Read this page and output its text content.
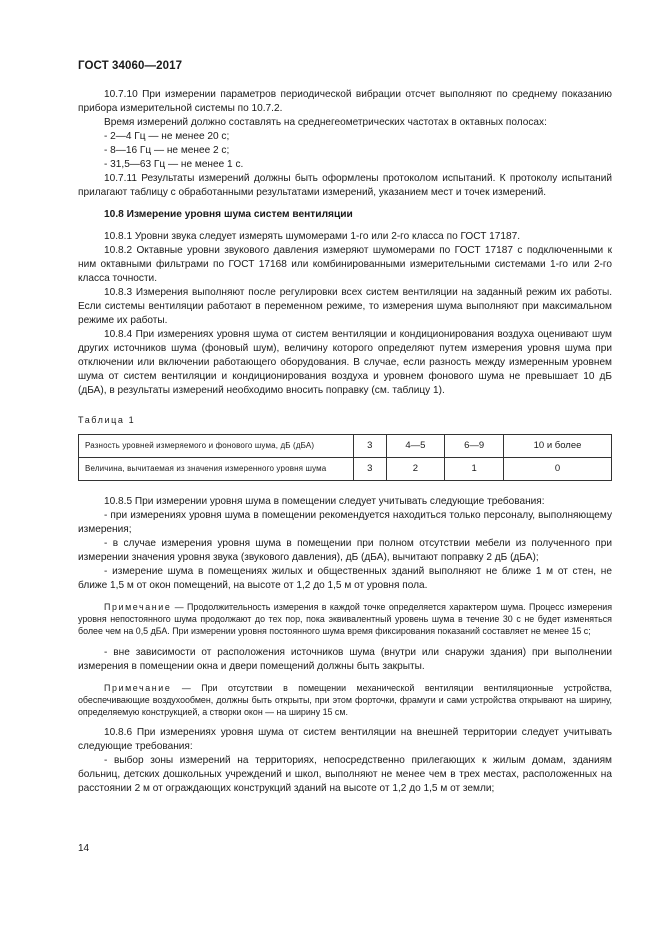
ГОСТ 34060—2017

10.7.10 При измерении параметров периодической вибрации отсчет выполняют по среднему показанию прибора измерительной системы по 10.7.2.

Время измерений должно составлять на среднегеометрических частотах в октавных полосах:

- 2—4 Гц — не менее 20 с;

- 8—16 Гц — не менее 2 с;

- 31,5—63 Гц — не менее 1 с.

10.7.11 Результаты измерений должны быть оформлены протоколом испытаний. К протоколу испытаний прилагают таблицу с обработанными результатами измерений, указанием мест и точек измерений.

10.8 Измерение уровня шума систем вентиляции

10.8.1 Уровни звука следует измерять шумомерами 1-го или 2-го класса по ГОСТ 17187.

10.8.2 Октавные уровни звукового давления измеряют шумомерами по ГОСТ 17187 с подключенными к ним октавными фильтрами по ГОСТ 17168 или комбинированными измерительными системами 1-го или 2-го класса точности.

10.8.3 Измерения выполняют после регулировки всех систем вентиляции на заданный режим их работы. Если системы вентиляции работают в переменном режиме, то измерения шума выполняют при максимальном режиме их работы.

10.8.4 При измерениях уровня шума от систем вентиляции и кондиционирования воздуха оценивают шум других источников шума (фоновый шум), величину которого определяют путем измерения уровня шума при отключении или включении работающего оборудования. В случае, если разность между измеренным уровнем шума от систем вентиляции и кондиционирования воздуха и уровнем фонового шума не превышает 10 дБ (дБА), в результаты измерений необходимо вносить поправку (см. таблицу 1).

Таблица 1

Разность уровней измеряемого и фонового шума, дБ (дБА)	3	4—5	6—9	10 и более
Величина, вычитаемая из значения измеренного уровня шума	3	2	1	0

10.8.5 При измерении уровня шума в помещении следует учитывать следующие требования:

- при измерениях уровня шума в помещении рекомендуется находиться только персоналу, выполняющему измерения;

- в случае измерения уровня шума в помещении при полном отсутствии мебели из полученного при измерении значения уровня звука (звукового давления), дБ (дБА), вычитают поправку 2 дБ (дБА);

- измерение шума в помещениях жилых и общественных зданий выполняют не ближе 1 м от стен, не ближе 1,5 м от окон помещений, на высоте от 1,2 до 1,5 м от уровня пола.

Примечание — Продолжительность измерения в каждой точке определяется характером шума. Процесс измерения уровня непостоянного шума продолжают до тех пор, пока эквивалентный уровень шума в течение 30 с не будет изменяться более чем на 0,5 дБА. При измерении уровня постоянного шума время фиксирования показаний составляет не менее 15 с;

- вне зависимости от расположения источников шума (внутри или снаружи здания) при выполнении измерения в помещении окна и двери помещений должны быть закрыты.

Примечание — При отсутствии в помещении механической вентиляции вентиляционные устройства, обеспечивающие воздухообмен, должны быть открыты, при этом форточки, фрамуги и сами устройства открывают на ширину, определяемую конструкцией, а створки окон — на ширину 15 см.

10.8.6 При измерениях уровня шума от систем вентиляции на внешней территории следует учитывать следующие требования:

- выбор зоны измерений на территориях, непосредственно прилегающих к жилым домам, зданиям больниц, детских дошкольных учреждений и школ, выполняют не менее чем в трех местах, расположенных на расстоянии 2 м от ограждающих конструкций зданий на высоте от 1,2 до 1,5 м от земли;

14
